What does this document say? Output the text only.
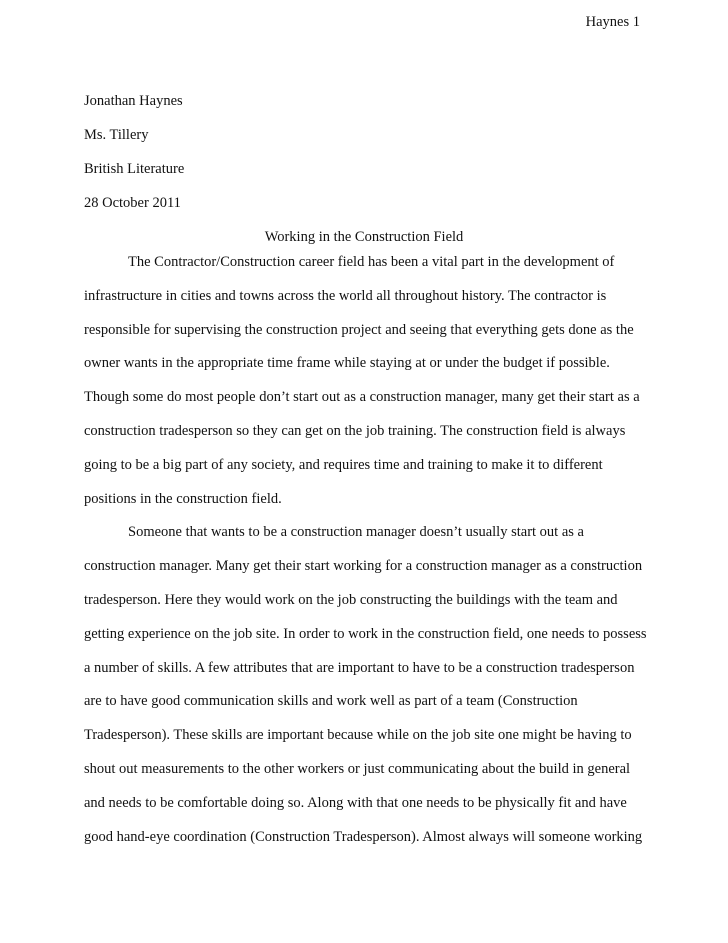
Haynes 1
Jonathan Haynes
Ms. Tillery
British Literature
28 October 2011
Working in the Construction Field
The Contractor/Construction career field has been a vital part in the development of
infrastructure in cities and towns across the world all throughout history. The contractor is
responsible for supervising the construction project and seeing that everything gets done as the
owner wants in the appropriate time frame while staying at or under the budget if possible.
Though some do most people don’t start out as a construction manager, many get their start as a
construction tradesperson so they can get on the job training. The construction field is always
going to be a big part of any society, and requires time and training to make it to different
positions in the construction field.
Someone that wants to be a construction manager doesn’t usually start out as a
construction manager. Many get their start working for a construction manager as a construction
tradesperson. Here they would work on the job constructing the buildings with the team and
getting experience on the job site. In order to work in the construction field, one needs to possess
a number of skills. A few attributes that are important to have to be a construction tradesperson
are to have good communication skills and work well as part of a team (Construction
Tradesperson). These skills are important because while on the job site one might be having to
shout out measurements to the other workers or just communicating about the build in general
and needs to be comfortable doing so. Along with that one needs to be physically fit and have
good hand-eye coordination (Construction Tradesperson). Almost always will someone working
